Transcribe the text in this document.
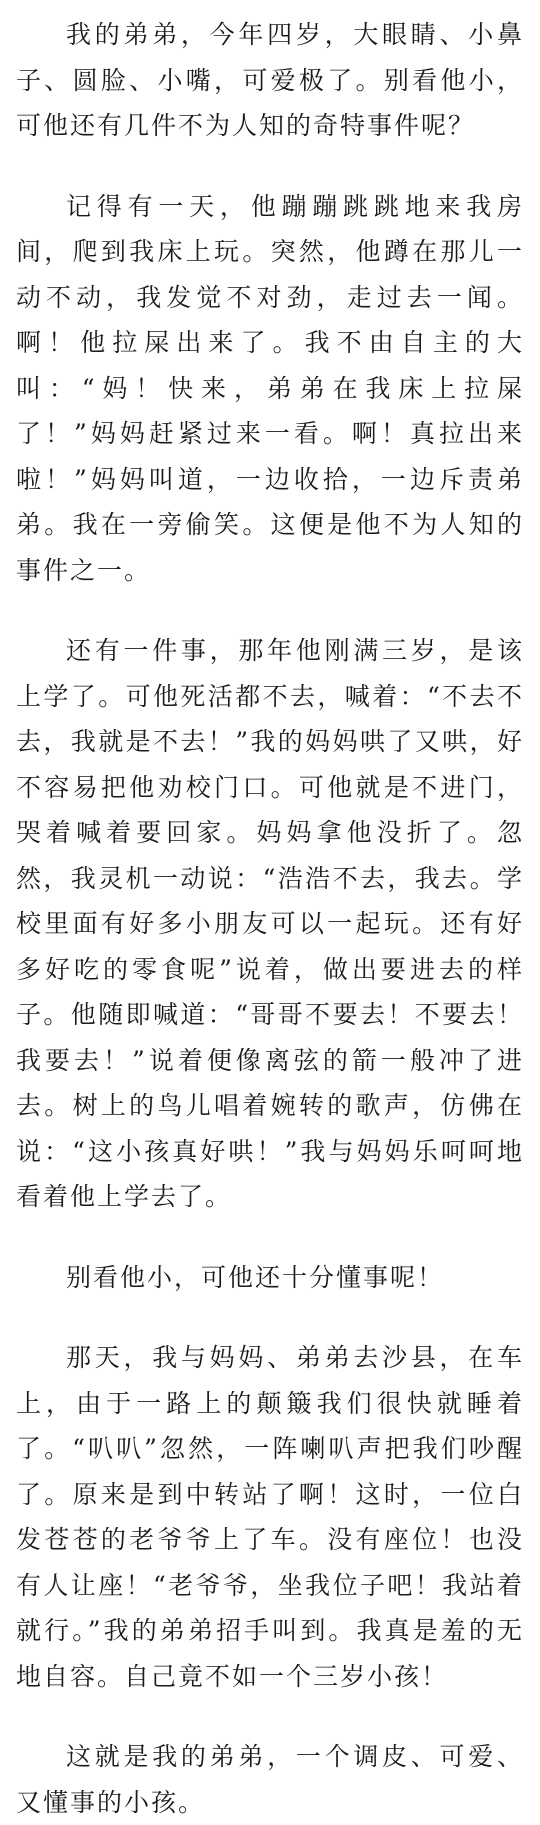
我的弟弟，今年四岁，大眼睛、小鼻子、圆脸、小嘴，可爱极了。别看他小，可他还有几件不为人知的奇特事件呢？

记得有一天，他蹦蹦跳跳地来我房间，爬到我床上玩。突然，他蹲在那儿一动不动，我发觉不对劲，走过去一闻。啊！他拉屎出来了。我不由自主的大叫：“妈！快来，弟弟在我床上拉屎了！”妈妈赶紧过来一看。啊！真拉出来啦！”妈妈叫道，一边收拾，一边斥责弟弟。我在一旁偷笑。这便是他不为人知的事件之一。

还有一件事，那年他刚满三岁，是该上学了。可他死活都不去，喊着：“不去不去，我就是不去！”我的妈妈哄了又哄，好不容易把他劝校门口。可他就是不进门，哭着喊着要回家。妈妈拿他没折了。忽然，我灵机一动说：“浩浩不去，我去。学校里面有好多小朋友可以一起玩。还有好多好吃的零食呢”说着，做出要进去的样子。他随即喊道：“哥哥不要去！不要去！我要去！”说着便像离弦的箭一般冲了进去。树上的鸟儿唱着婉转的歌声，仿佛在说：“这小孩真好哄！”我与妈妈乐呵呵地看着他上学去了。

别看他小，可他还十分懂事呢！

那天，我与妈妈、弟弟去沙县，在车上，由于一路上的颠簸我们很快就睡着了。“叭叭”忽然，一阵喇叭声把我们吵醒了。原来是到中转站了啊！这时，一位白发苍苍的老爷爷上了车。没有座位！也没有人让座！“老爷爷，坐我位子吧！我站着就行。”我的弟弟招手叫到。我真是羞的无地自容。自己竟不如一个三岁小孩！

这就是我的弟弟，一个调皮、可爱、又懂事的小孩。
